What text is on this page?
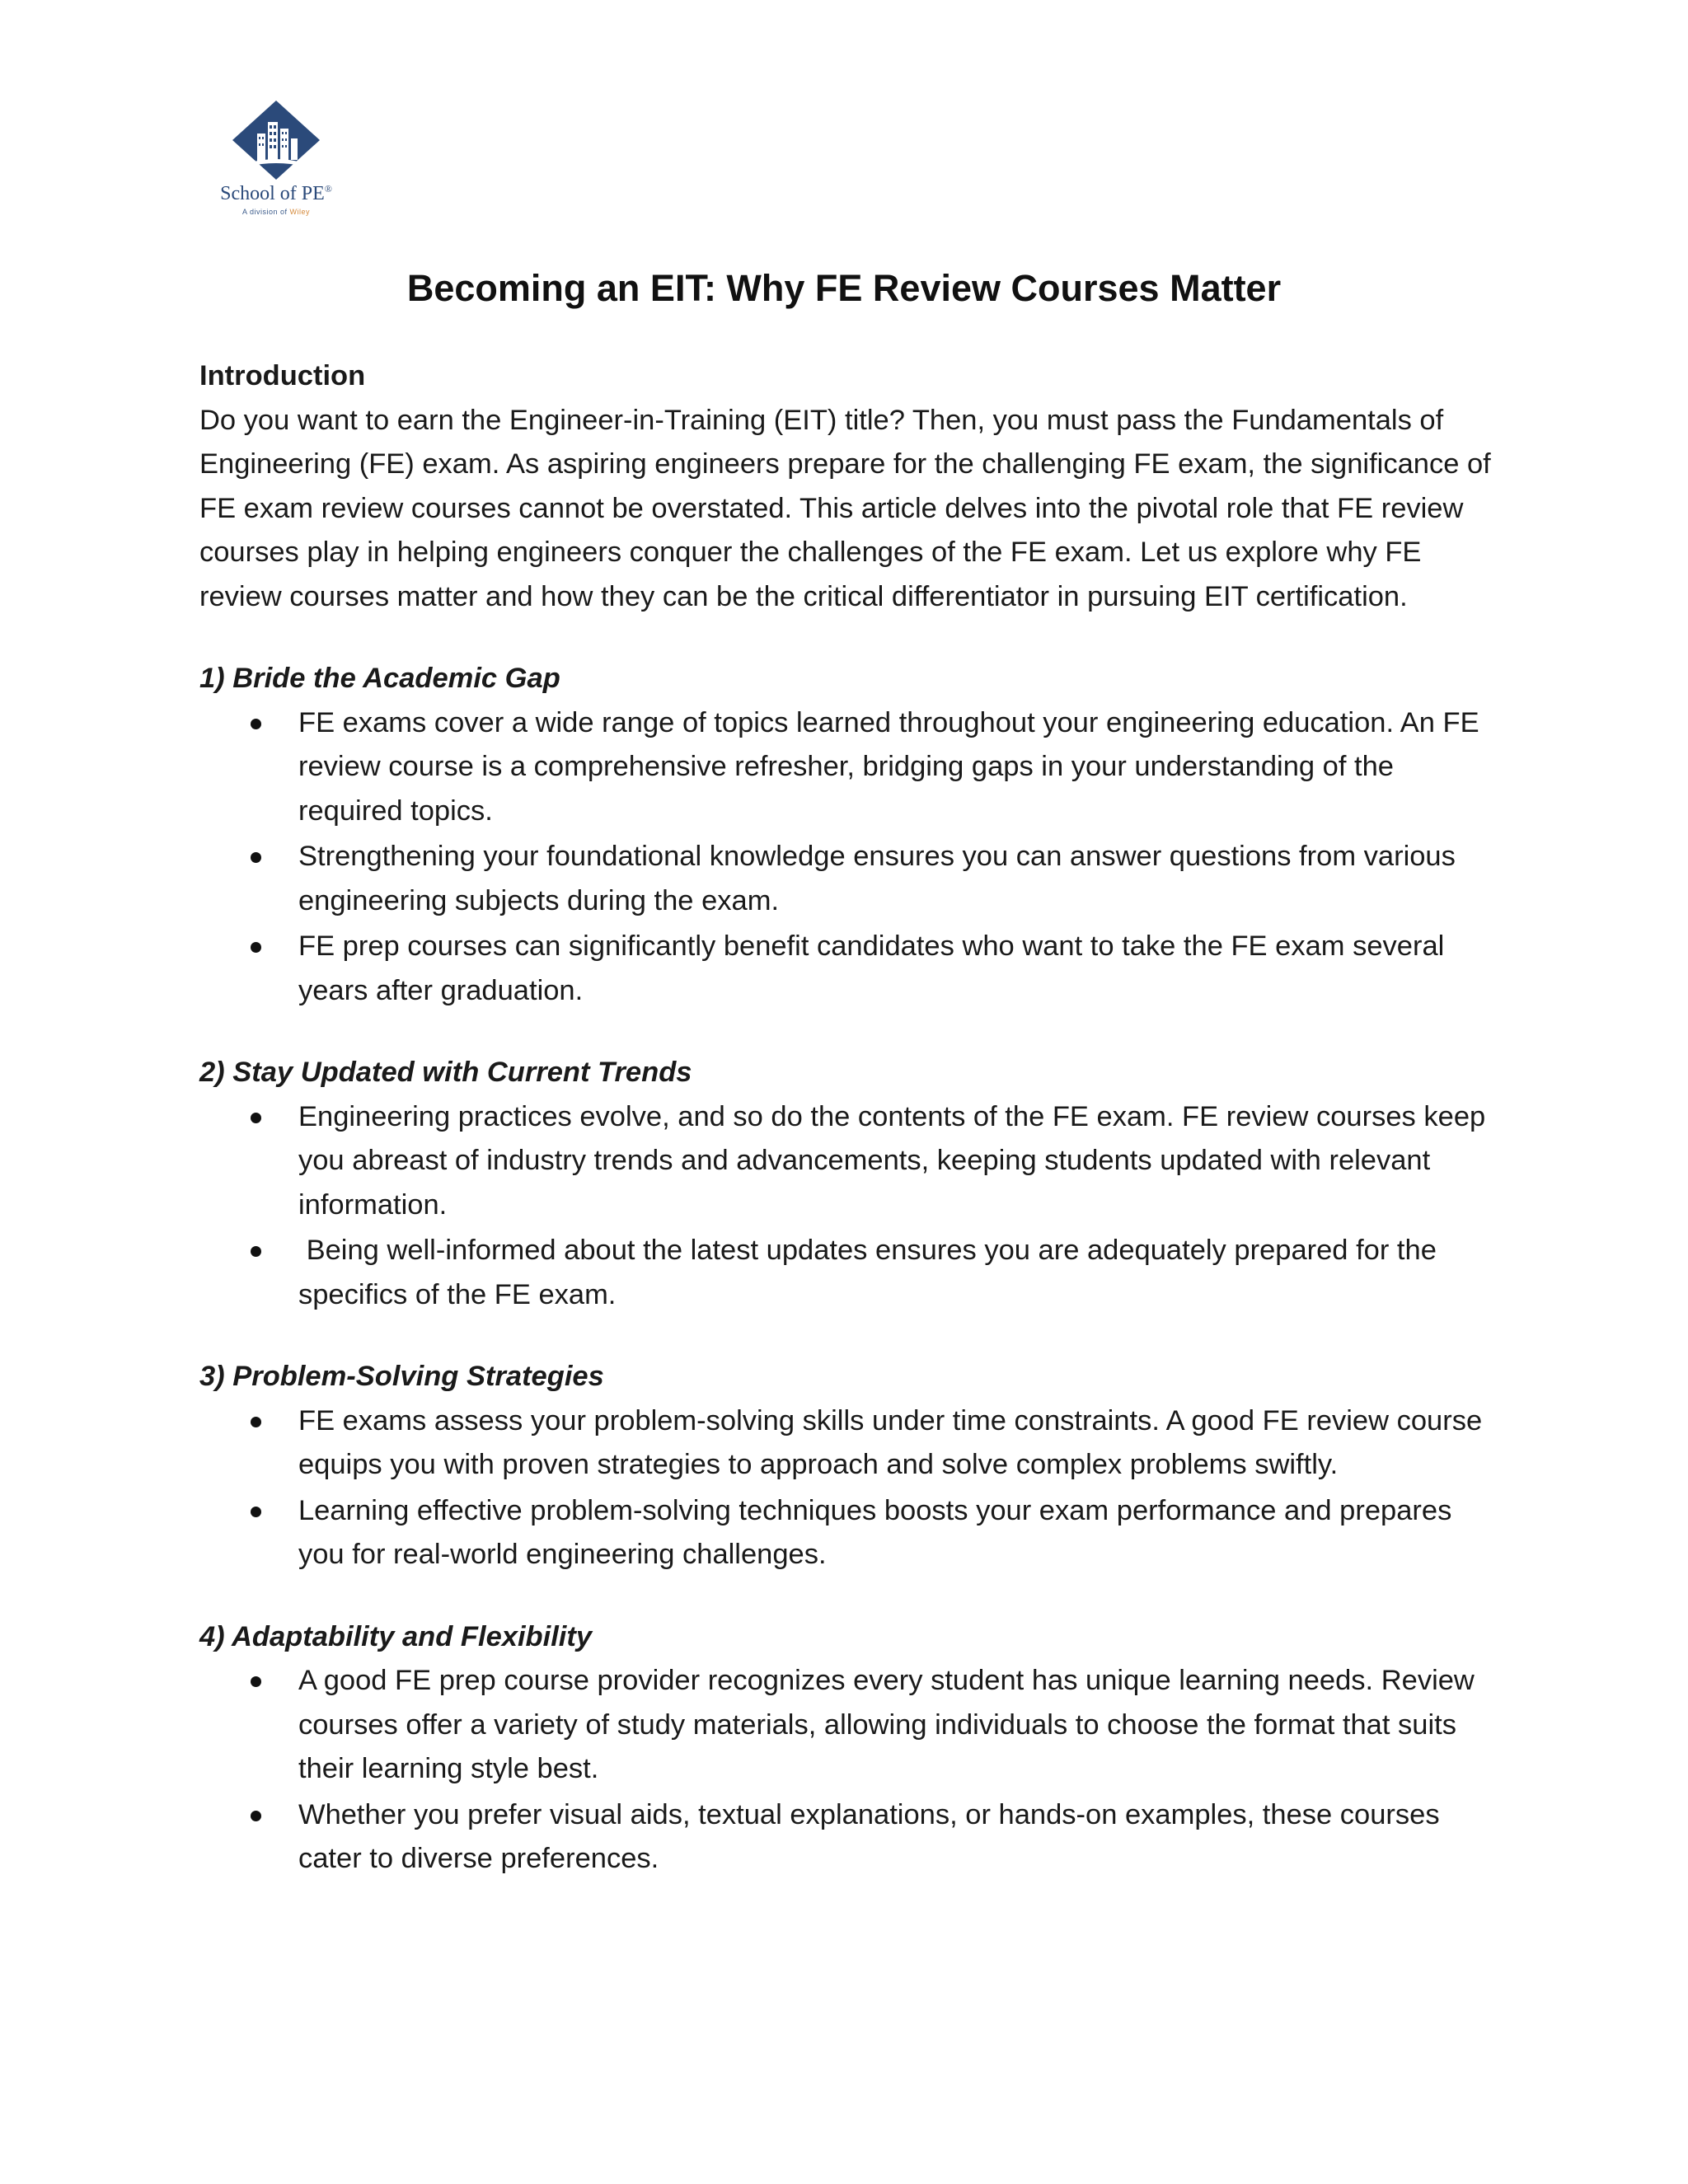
School of PE®
A division of Wiley
Becoming an EIT: Why FE Review Courses Matter

Introduction

Do you want to earn the Engineer-in-Training (EIT) title? Then, you must pass the Fundamentals of Engineering (FE) exam. As aspiring engineers prepare for the challenging FE exam, the significance of FE exam review courses cannot be overstated. This article delves into the pivotal role that FE review courses play in helping engineers conquer the challenges of the FE exam. Let us explore why FE review courses matter and how they can be the critical differentiator in pursuing EIT certification.

1) Bride the Academic Gap

FE exams cover a wide range of topics learned throughout your engineering education. An FE review course is a comprehensive refresher, bridging gaps in your understanding of the required topics.
Strengthening your foundational knowledge ensures you can answer questions from various engineering subjects during the exam.
FE prep courses can significantly benefit candidates who want to take the FE exam several years after graduation.

2) Stay Updated with Current Trends

Engineering practices evolve, and so do the contents of the FE exam. FE review courses keep you abreast of industry trends and advancements, keeping students updated with relevant information.
Being well-informed about the latest updates ensures you are adequately prepared for the specifics of the FE exam.

3) Problem-Solving Strategies

FE exams assess your problem-solving skills under time constraints. A good FE review course equips you with proven strategies to approach and solve complex problems swiftly.
Learning effective problem-solving techniques boosts your exam performance and prepares you for real-world engineering challenges.

4) Adaptability and Flexibility

A good FE prep course provider recognizes every student has unique learning needs. Review courses offer a variety of study materials, allowing individuals to choose the format that suits their learning style best.
Whether you prefer visual aids, textual explanations, or hands-on examples, these courses cater to diverse preferences.
